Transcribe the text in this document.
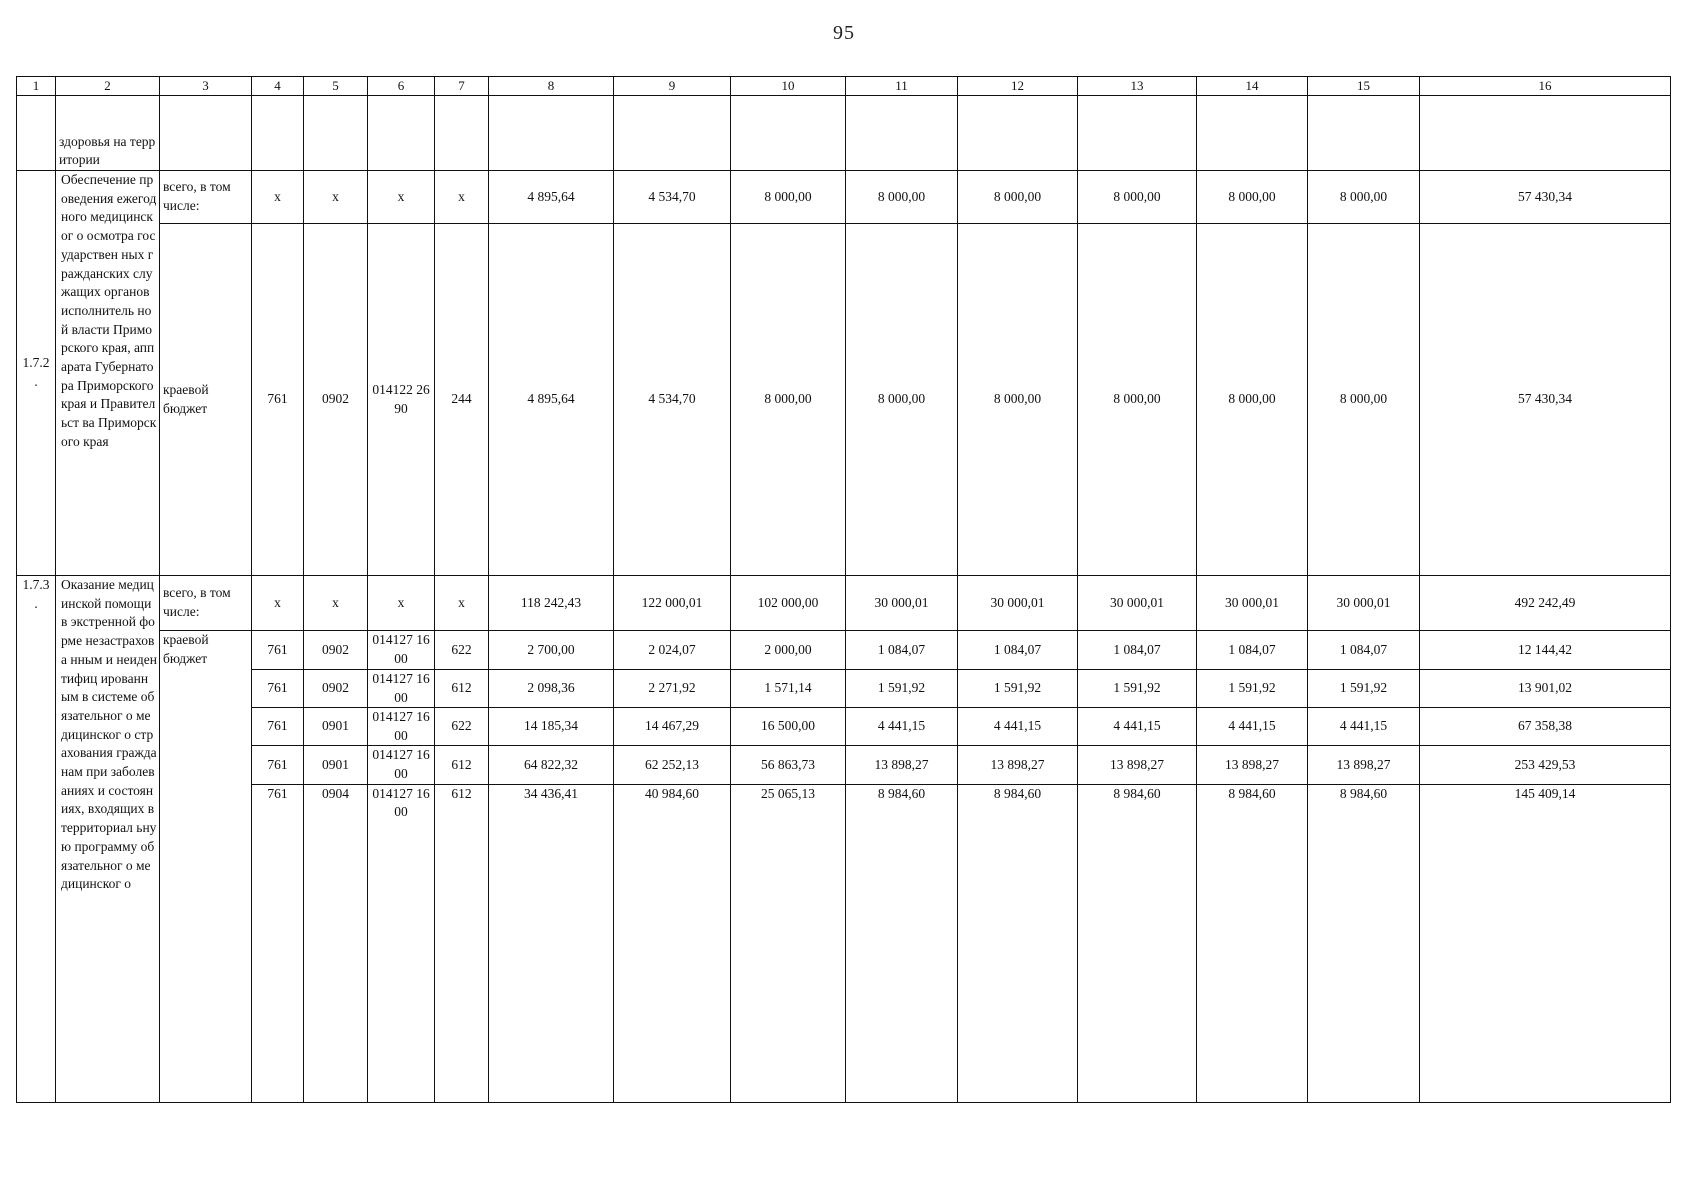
95
1	2	3	4	5	6	7	8	9	10	11	12	13	14	15	16
	здоровья на территории														
1.7.2 .	Обеспечение проведения ежегодного медицинског о осмотра государствен ных гражданских служащих органов исполнитель ной власти Приморского края, аппарата Губернатора Приморского края и Правительст ва Приморского края	всего, в том числе:	x	x	x	x	4 895,64	4 534,70	8 000,00	8 000,00	8 000,00	8 000,00	8 000,00	8 000,00	57 430,34
		краевой бюджет	761	0902	014122 2690	244	4 895,64	4 534,70	8 000,00	8 000,00	8 000,00	8 000,00	8 000,00	8 000,00	57 430,34
1.7.3 .	Оказание медицинской помощи в экстренной форме незастрахова нным и неидентифиц ированным в системе обязательног о медицинског о страхования гражданам при заболеваниях и состояниях, входящих в территориал ьную программу обязательног о медицинског о	всего, в том числе:	x	x	x	x	118 242,43	122 000,01	102 000,00	30 000,01	30 000,01	30 000,01	30 000,01	30 000,01	492 242,49
		краевой бюджет	761	0902	014127 1600	622	2 700,00	2 024,07	2 000,00	1 084,07	1 084,07	1 084,07	1 084,07	1 084,07	12 144,42
			761	0902	014127 1600	612	2 098,36	2 271,92	1 571,14	1 591,92	1 591,92	1 591,92	1 591,92	1 591,92	13 901,02
			761	0901	014127 1600	622	14 185,34	14 467,29	16 500,00	4 441,15	4 441,15	4 441,15	4 441,15	4 441,15	67 358,38
			761	0901	014127 1600	612	64 822,32	62 252,13	56 863,73	13 898,27	13 898,27	13 898,27	13 898,27	13 898,27	253 429,53
			761	0904	014127 1600	612	34 436,41	40 984,60	25 065,13	8 984,60	8 984,60	8 984,60	8 984,60	8 984,60	145 409,14
